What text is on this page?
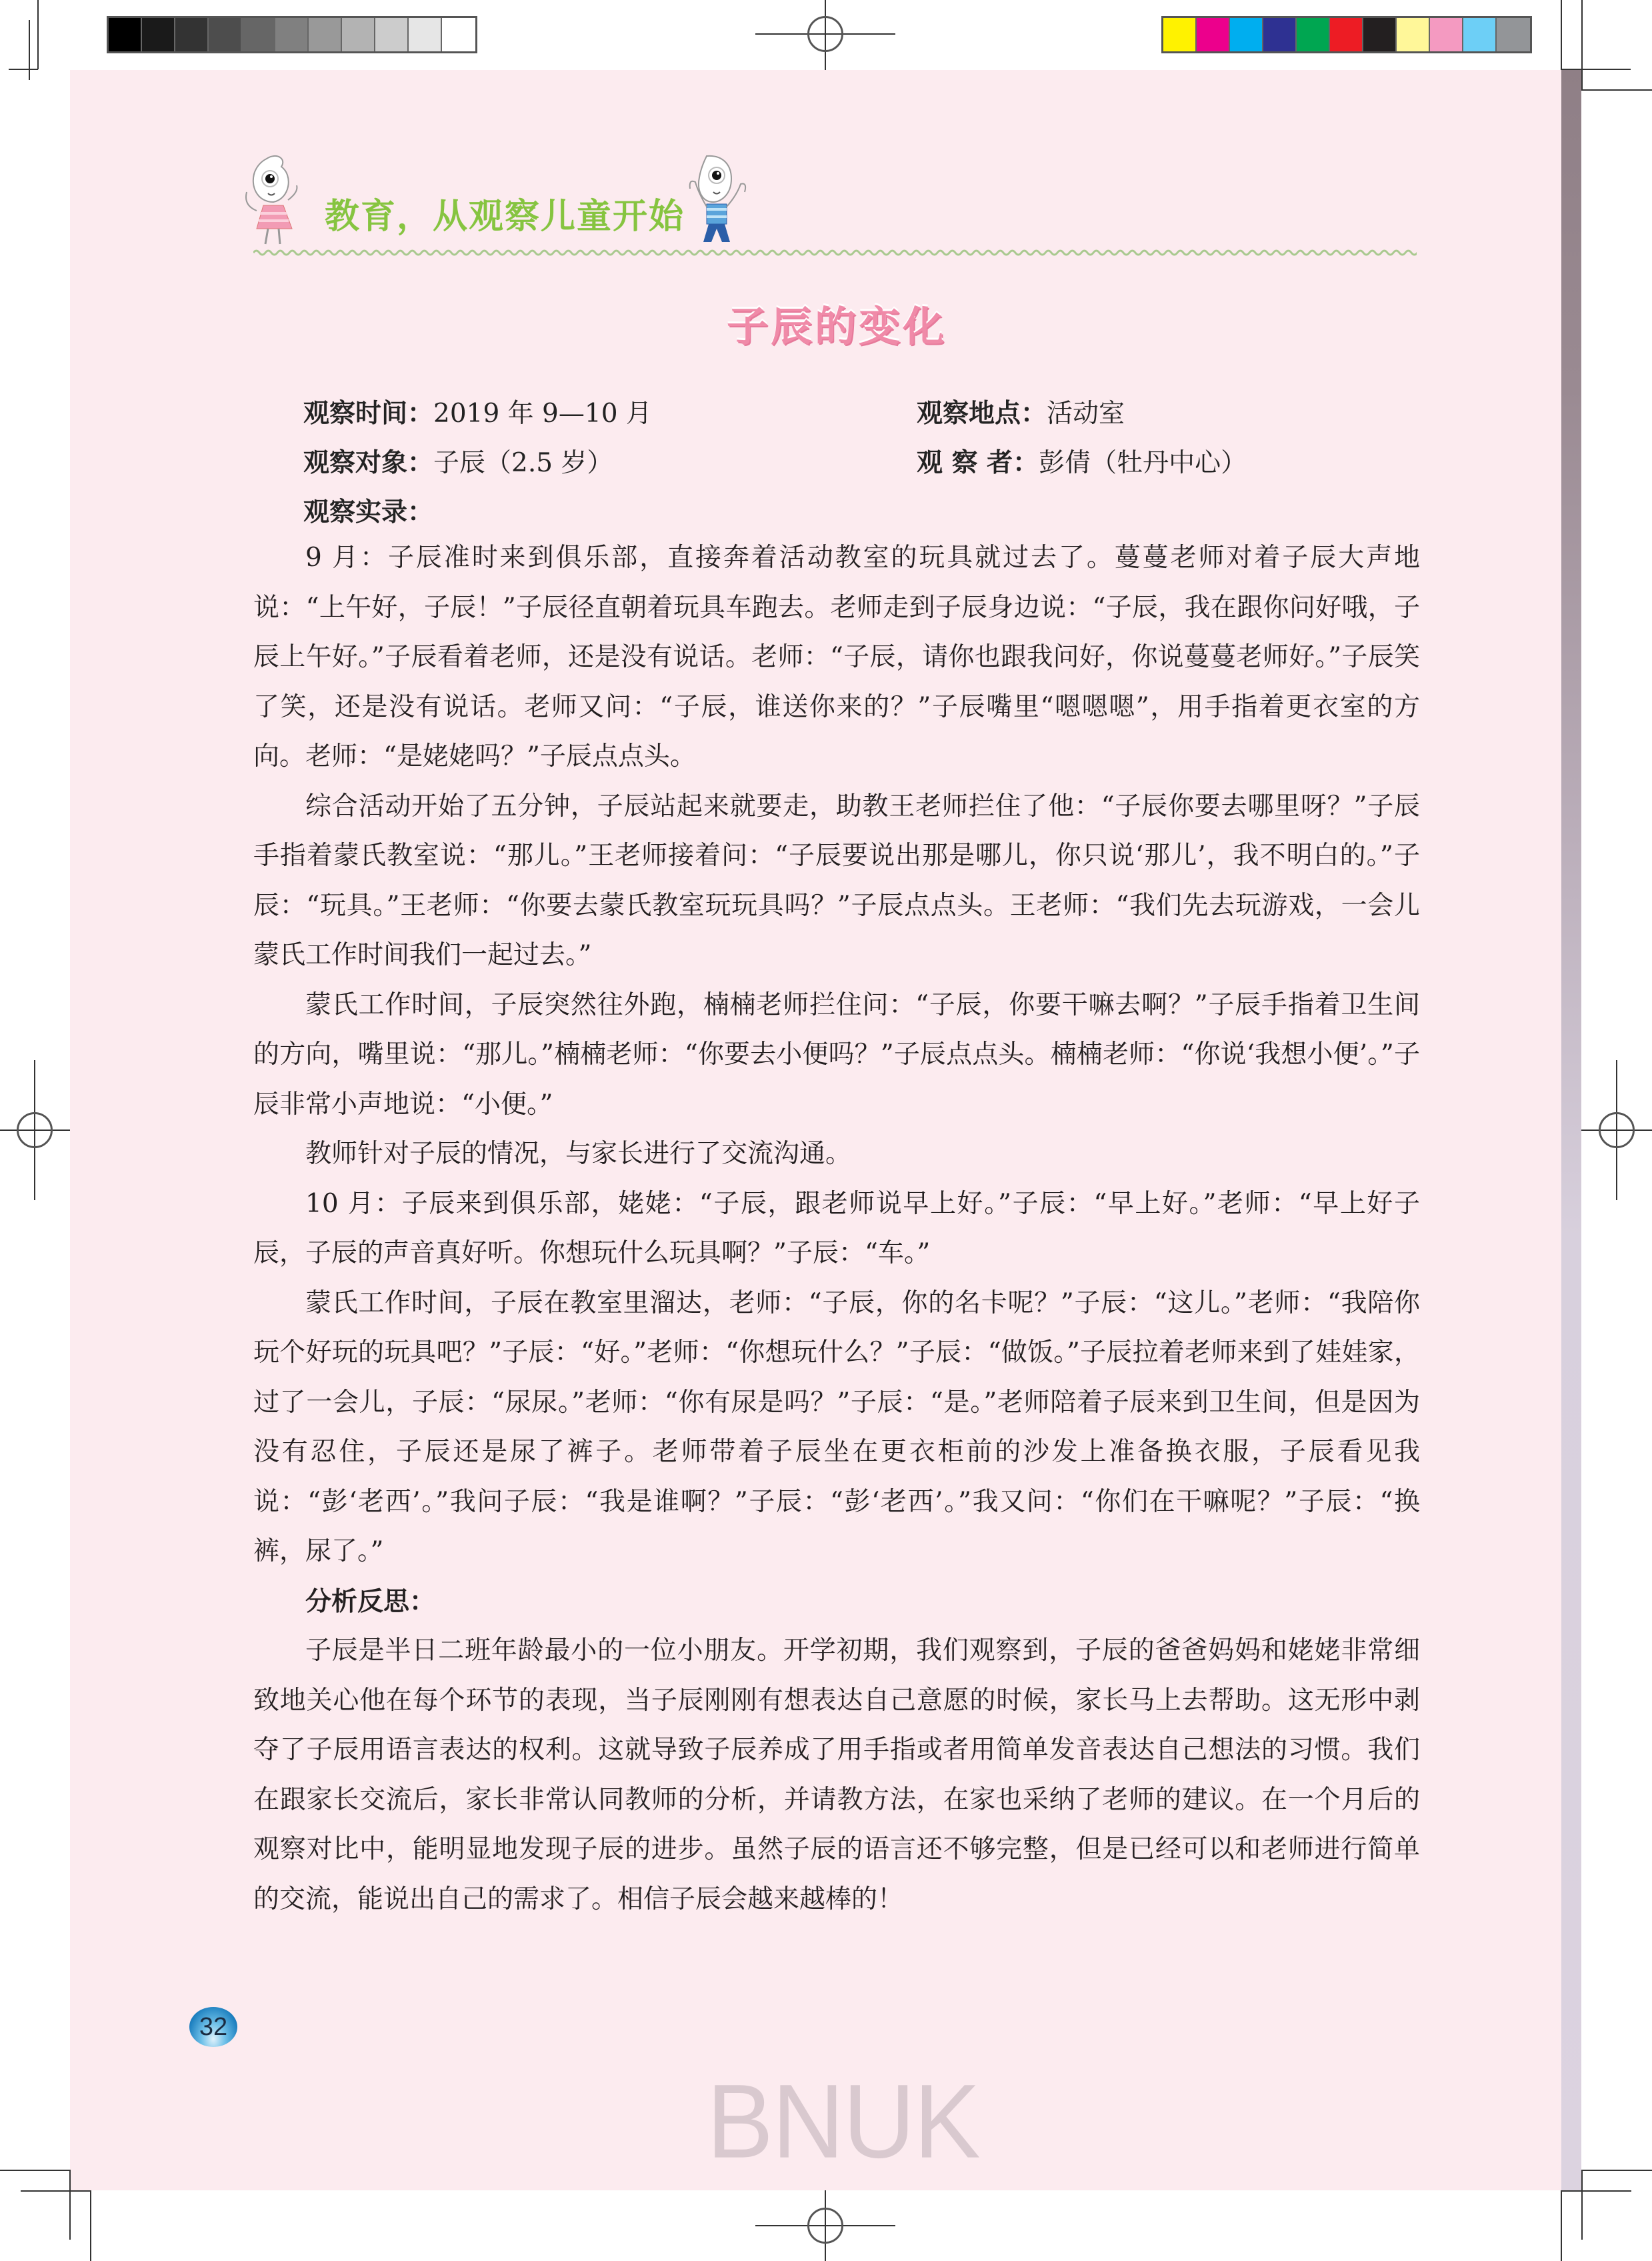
教育，从观察儿童开始
子辰的变化
观察时间：2019 年 9—10 月	观察地点：活动室
观察对象：子辰（2.5 岁）	观 察 者：彭倩（牡丹中心）
观察实录：

9 月：子辰准时来到俱乐部，直接奔着活动教室的玩具就过去了。蔓蔓老师对着子辰大声地说：“上午好，子辰！”子辰径直朝着玩具车跑去。老师走到子辰身边说：“子辰，我在跟你问好哦，子辰上午好。”子辰看着老师，还是没有说话。老师：“子辰，请你也跟我问好，你说蔓蔓老师好。”子辰笑了笑，还是没有说话。老师又问：“子辰，谁送你来的？”子辰嘴里“嗯嗯嗯”，用手指着更衣室的方向。老师：“是姥姥吗？”子辰点点头。

综合活动开始了五分钟，子辰站起来就要走，助教王老师拦住了他：“子辰你要去哪里呀？”子辰手指着蒙氏教室说：“那儿。”王老师接着问：“子辰要说出那是哪儿，你只说‘那儿’，我不明白的。”子辰：“玩具。”王老师：“你要去蒙氏教室玩玩具吗？”子辰点点头。王老师：“我们先去玩游戏，一会儿蒙氏工作时间我们一起过去。”

蒙氏工作时间，子辰突然往外跑，楠楠老师拦住问：“子辰，你要干嘛去啊？”子辰手指着卫生间的方向，嘴里说：“那儿。”楠楠老师：“你要去小便吗？”子辰点点头。楠楠老师：“你说‘我想小便’。”子辰非常小声地说：“小便。”

教师针对子辰的情况，与家长进行了交流沟通。

10 月：子辰来到俱乐部，姥姥：“子辰，跟老师说早上好。”子辰：“早上好。”老师：“早上好子辰，子辰的声音真好听。你想玩什么玩具啊？”子辰：“车。”

蒙氏工作时间，子辰在教室里溜达，老师：“子辰，你的名卡呢？”子辰：“这儿。”老师：“我陪你玩个好玩的玩具吧？”子辰：“好。”老师：“你想玩什么？”子辰：“做饭。”子辰拉着老师来到了娃娃家，过了一会儿，子辰：“尿尿。”老师：“你有尿是吗？”子辰：“是。”老师陪着子辰来到卫生间，但是因为没有忍住，子辰还是尿了裤子。老师带着子辰坐在更衣柜前的沙发上准备换衣服，子辰看见我说：“彭‘老西’。”我问子辰：“我是谁啊？”子辰：“彭‘老西’。”我又问：“你们在干嘛呢？”子辰：“换裤，尿了。”

分析反思：

子辰是半日二班年龄最小的一位小朋友。开学初期，我们观察到，子辰的爸爸妈妈和姥姥非常细致地关心他在每个环节的表现，当子辰刚刚有想表达自己意愿的时候，家长马上去帮助。这无形中剥夺了子辰用语言表达的权利。这就导致子辰养成了用手指或者用简单发音表达自己想法的习惯。我们在跟家长交流后，家长非常认同教师的分析，并请教方法，在家也采纳了老师的建议。在一个月后的观察对比中，能明显地发现子辰的进步。虽然子辰的语言还不够完整，但是已经可以和老师进行简单的交流，能说出自己的需求了。相信子辰会越来越棒的！

32
BNUK
